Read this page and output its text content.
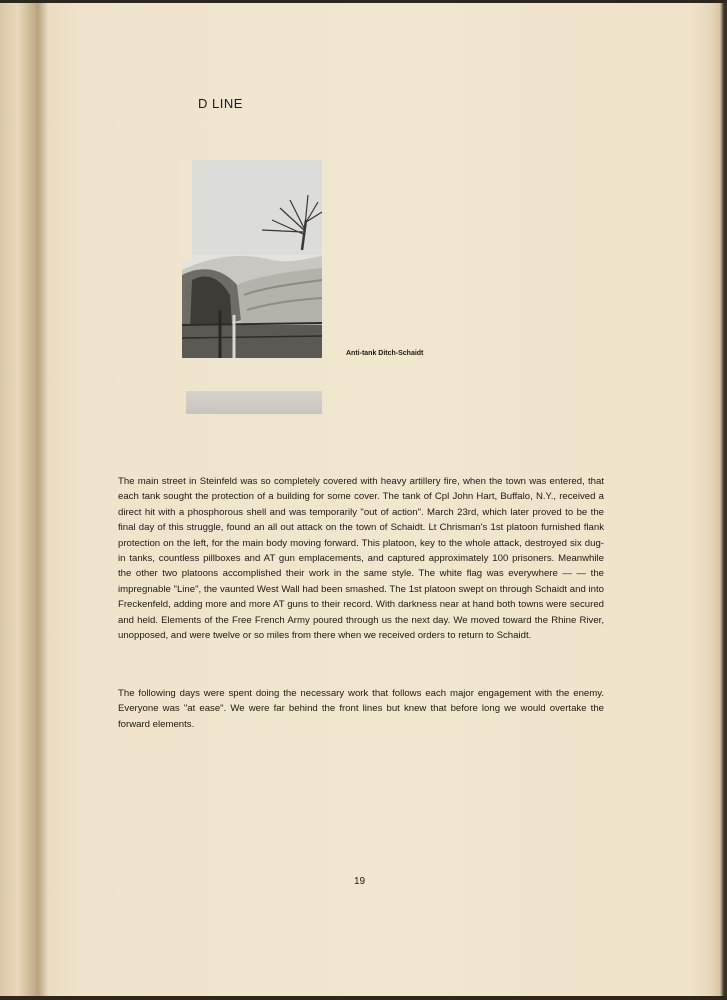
D LINE
Anti-tank Ditch-Schaidt

The main street in Steinfeld was so completely covered with heavy artillery fire, when the town was entered, that each tank sought the protection of a building for some cover. The tank of Cpl John Hart, Buffalo, N.Y., received a direct hit with a phosphorous shell and was temporarily "out of action". March 23rd, which later proved to be the final day of this struggle, found an all out attack on the town of Schaidt. Lt Chrisman's 1st platoon furnished flank protection on the left, for the main body moving forward. This platoon, key to the whole attack, destroyed six dug-in tanks, countless pillboxes and AT gun emplacements, and captured approximately 100 prisoners. Meanwhile the other two platoons accomplished their work in the same style. The white flag was everywhere — — the impregnable "Line", the vaunted West Wall had been smashed. The 1st platoon swept on through Schaidt and into Freckenfeld, adding more and more AT guns to their record. With darkness near at hand both towns were secured and held. Elements of the Free French Army poured through us the next day. We moved toward the Rhine River, unopposed, and were twelve or so miles from there when we received orders to return to Schaidt.

The following days were spent doing the necessary work that follows each major engagement with the enemy. Everyone was "at ease". We were far behind the front lines but knew that before long we would overtake the forward elements.

19
